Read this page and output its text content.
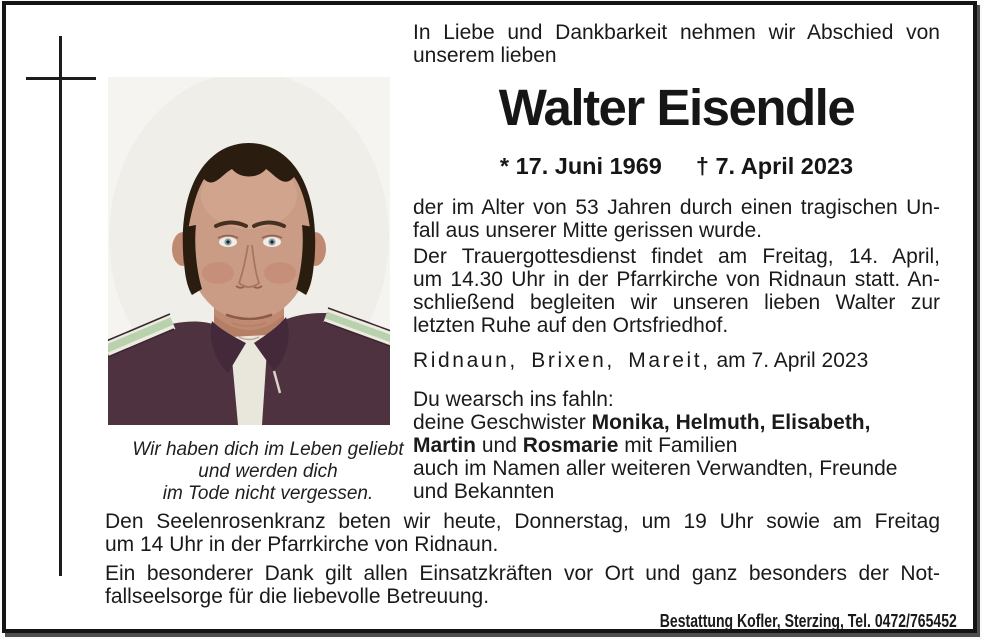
Wir haben dich im Leben geliebt
und werden dich
im Tode nicht vergessen.
In Liebe und Dankbarkeit nehmen wir Abschied von
unserem lieben
Walter Eisendle
* 17. Juni 1969 † 7. April 2023
der im Alter von 53 Jahren durch einen tragischen Un-
fall aus unserer Mitte gerissen wurde.
Der Trauergottesdienst findet am Freitag, 14. April,
um 14.30 Uhr in der Pfarrkirche von Ridnaun statt. An-
schließend begleiten wir unseren lieben Walter zur
letzten Ruhe auf den Ortsfriedhof.
Ridnaun, Brixen, Mareit, am 7. April 2023
Du wearsch ins fahln:
deine Geschwister Monika, Helmuth, Elisabeth,
Martin und Rosmarie mit Familien
auch im Namen aller weiteren Verwandten, Freunde
und Bekannten
Den Seelenrosenkranz beten wir heute, Donnerstag, um 19 Uhr sowie am Freitag
um 14 Uhr in der Pfarrkirche von Ridnaun.
Ein besonderer Dank gilt allen Einsatzkräften vor Ort und ganz besonders der Not-
fallseelsorge für die liebevolle Betreuung.
Bestattung Kofler, Sterzing, Tel. 0472/765452
